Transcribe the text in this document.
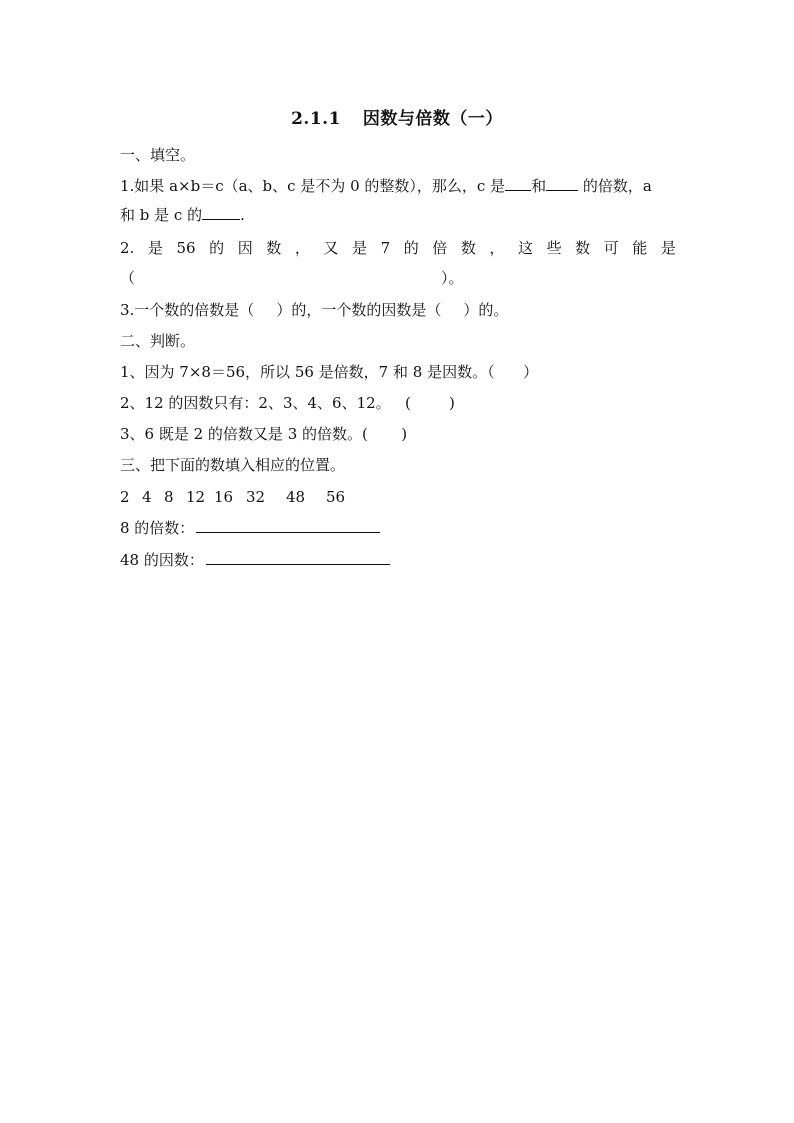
2.1.1 因数与倍数（一）
一、填空。
1.如果 a×b＝c（a、b、c 是不为 0 的整数），那么，c 是 和 的倍数，a
和 b 是 c 的	.
2. 是 56 的 因 数 ， 又 是 7 的 倍 数 ， 这 些 数 可 能 是
（	）。
3.一个数的倍数是（ ）的，一个数的因数是（ ）的。
二、判断。
1、因为 7×8＝56，所以 56 是倍数，7 和 8 是因数。（      ）
2、12 的因数只有：2、3、4、6、12。   (        )
3、6 既是 2 的倍数又是 3 的倍数。(       )
三、把下面的数填入相应的位置。
2 4 8 12 16 32 48 56
8 的倍数：
48 的因数：
